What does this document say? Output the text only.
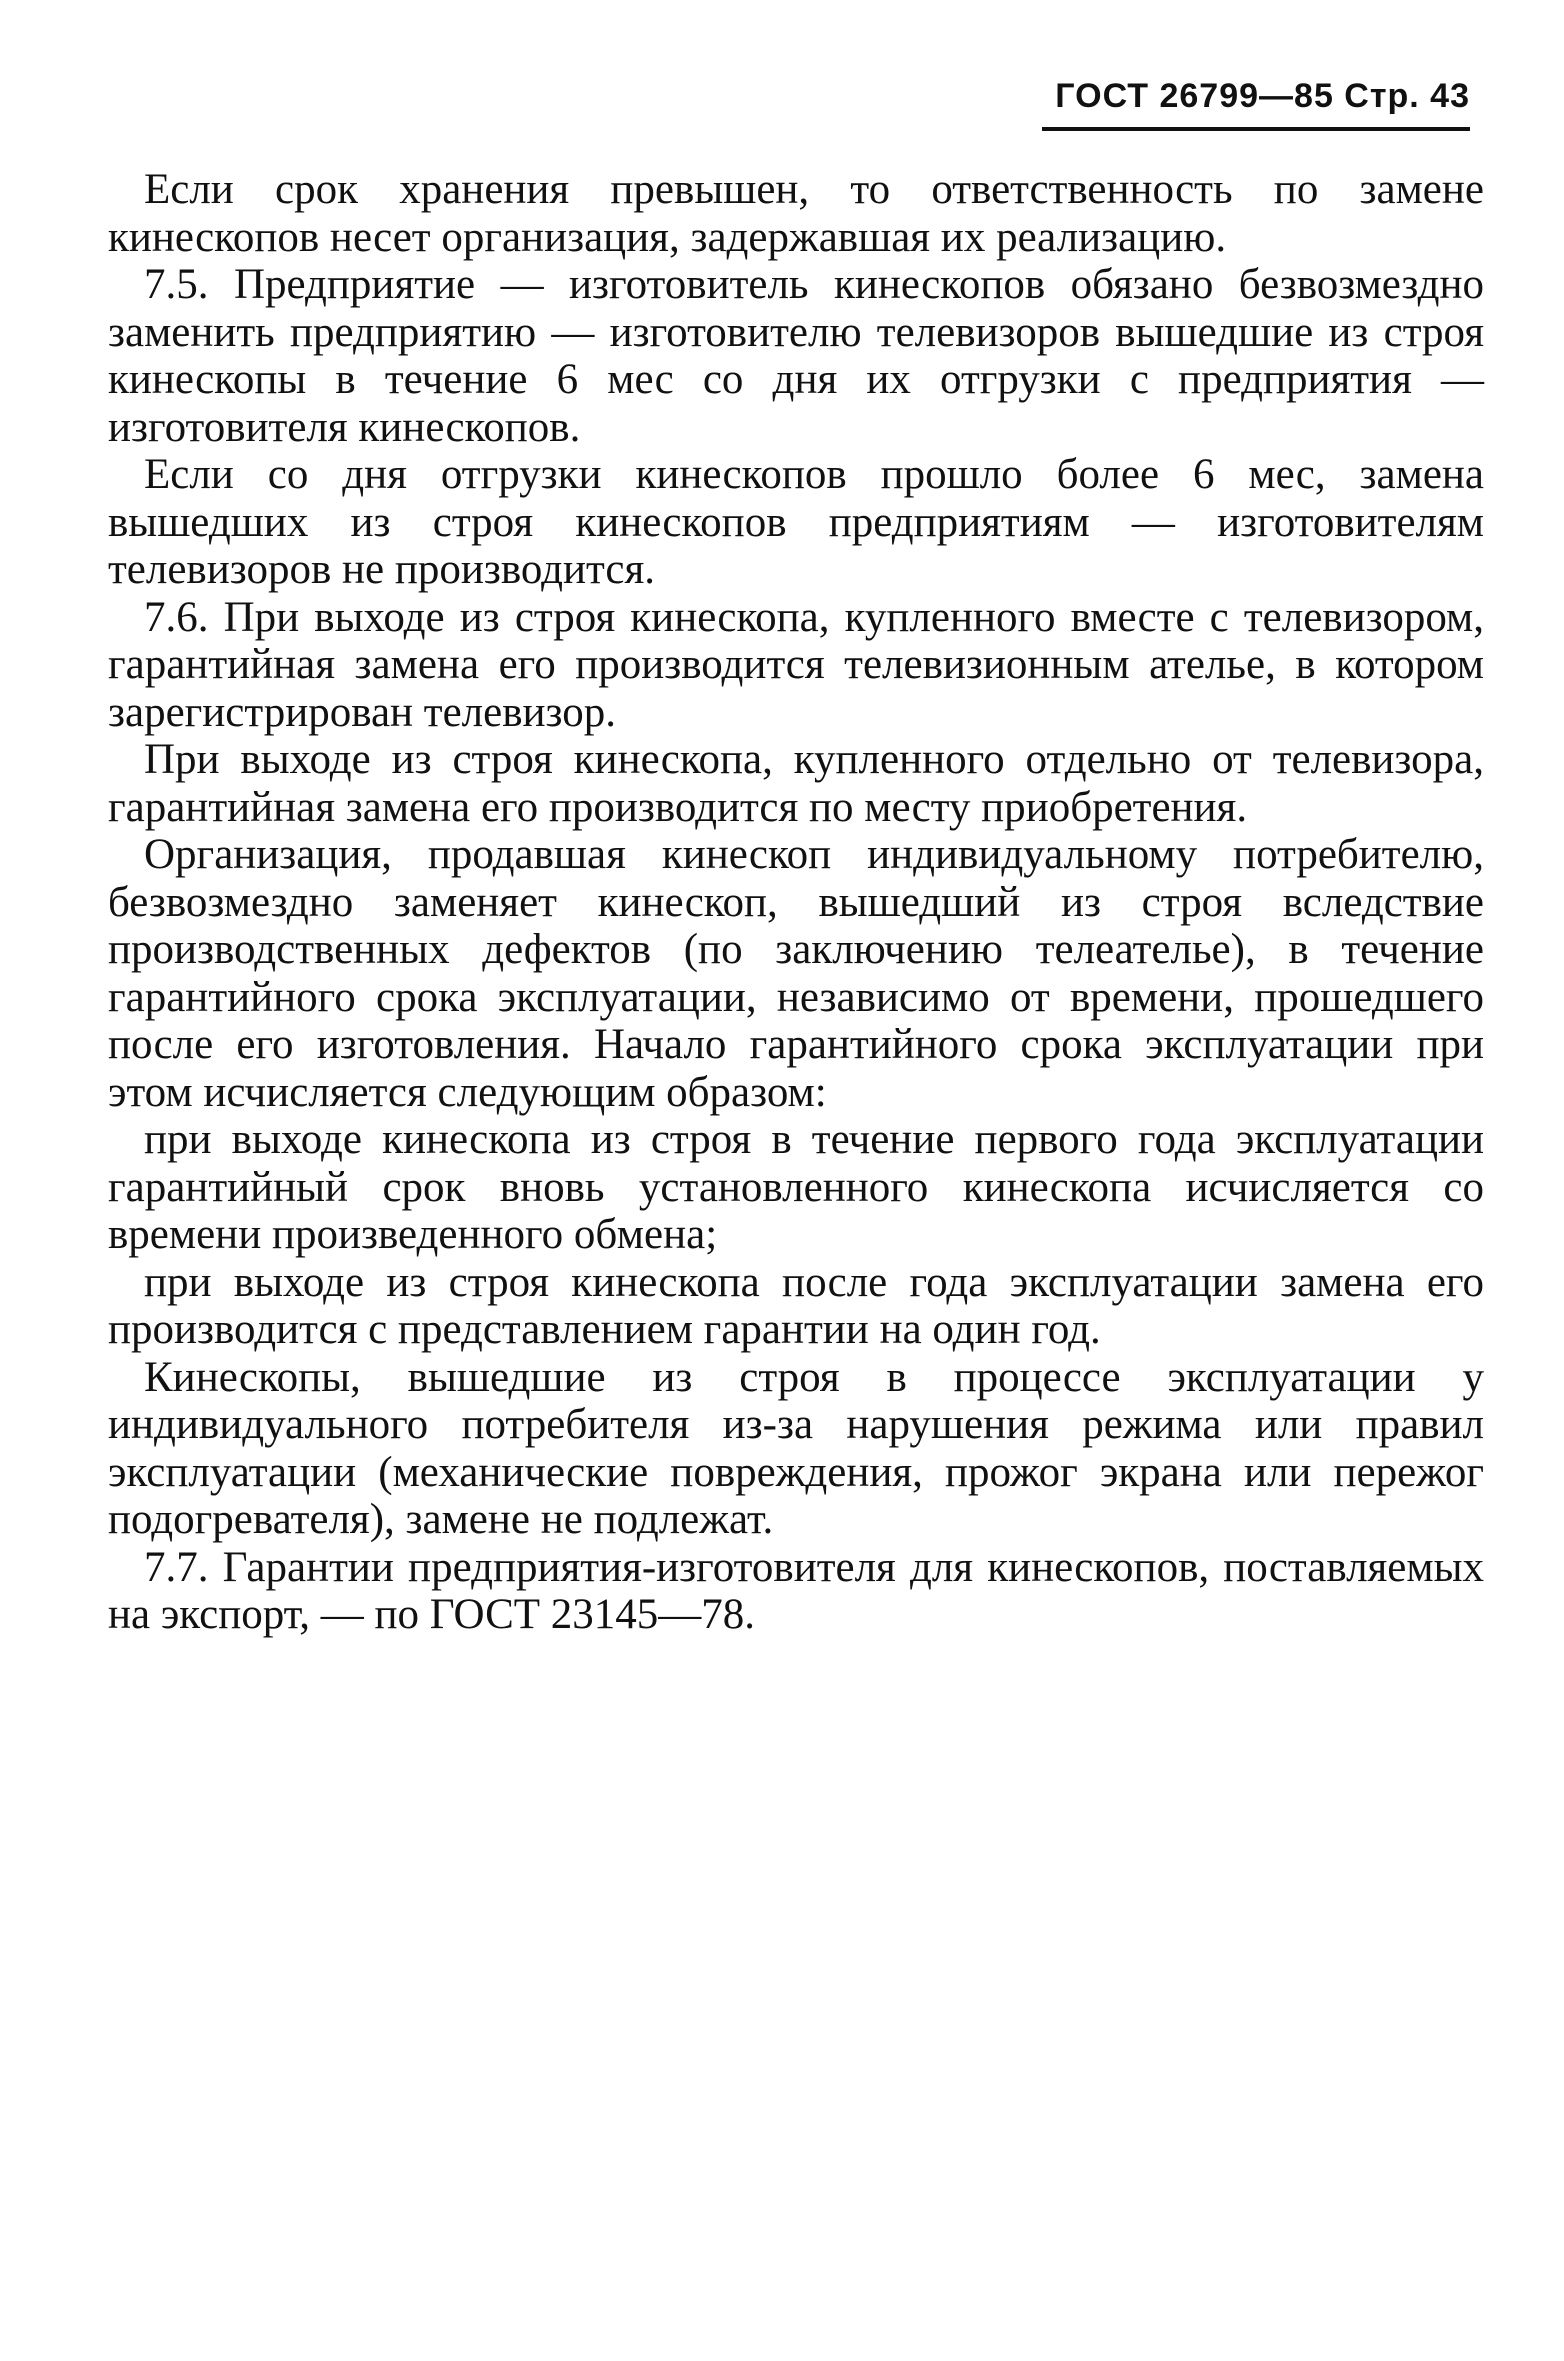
ГОСТ 26799—85 Стр. 43

Если срок хранения превышен, то ответственность по замене кинескопов несет организация, задержавшая их реализацию.

7.5. Предприятие — изготовитель кинескопов обязано безвозмездно заменить предприятию — изготовителю телевизоров вышедшие из строя кинескопы в течение 6 мес со дня их отгрузки с предприятия — изготовителя кинескопов.

Если со дня отгрузки кинескопов прошло более 6 мес, замена вышедших из строя кинескопов предприятиям — изготовителям телевизоров не производится.

7.6. При выходе из строя кинескопа, купленного вместе с телевизором, гарантийная замена его производится телевизионным ательe, в котором зарегистрирован телевизор.

При выходе из строя кинескопа, купленного отдельно от телевизора, гарантийная замена его производится по месту приобретения.

Организация, продавшая кинескоп индивидуальному потребителю, безвозмездно заменяет кинескоп, вышедший из строя вследствие производственных дефектов (по заключению телеателье), в течение гарантийного срока эксплуатации, независимо от времени, прошедшего после его изготовления. Начало гарантийного срока эксплуатации при этом исчисляется следующим образом:

при выходе кинескопа из строя в течение первого года эксплуатации гарантийный срок вновь установленного кинескопа исчисляется со времени произведенного обмена;

при выходе из строя кинескопа после года эксплуатации замена его производится с представлением гарантии на один год.

Кинескопы, вышедшие из строя в процессе эксплуатации у индивидуального потребителя из-за нарушения режима или правил эксплуатации (механические повреждения, прожог экрана или пережог подогревателя), замене не подлежат.

7.7. Гарантии предприятия-изготовителя для кинескопов, поставляемых на экспорт, — по ГОСТ 23145—78.
